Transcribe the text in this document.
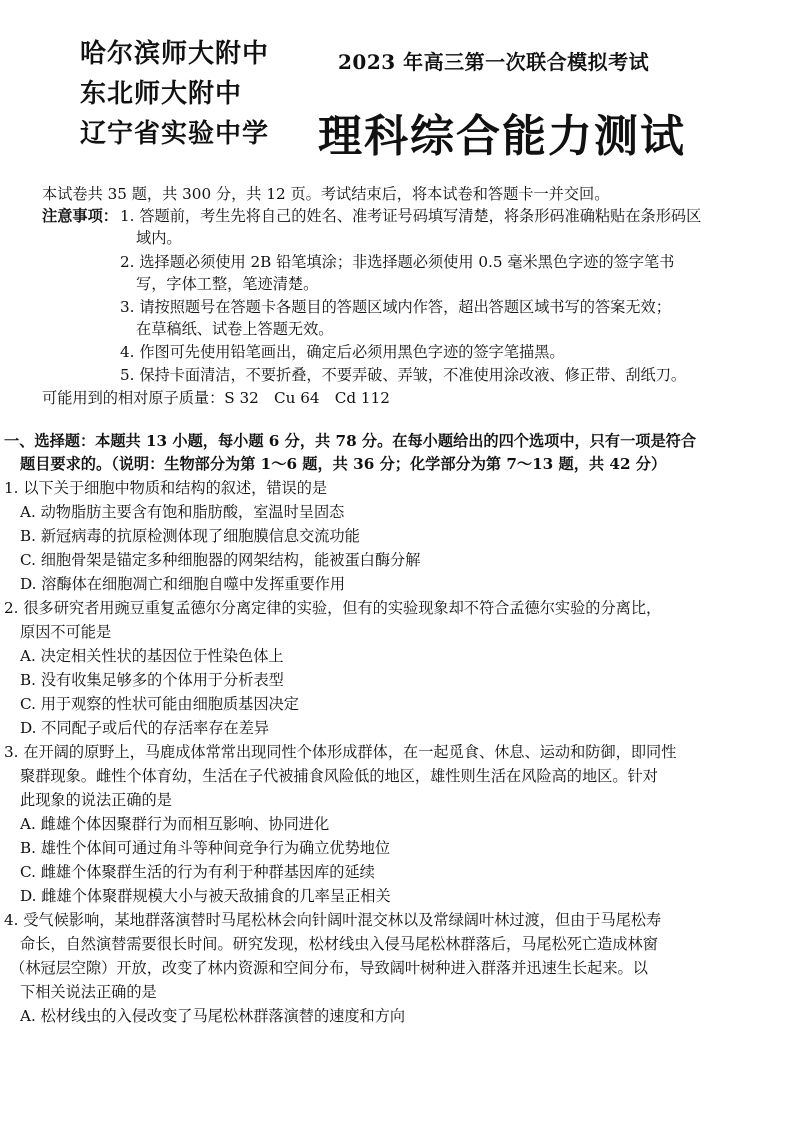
哈尔滨师大附中
东北师大附中
辽宁省实验中学
2023 年高三第一次联合模拟考试
理科综合能力测试
本试卷共 35 题，共 300 分，共 12 页。考试结束后，将本试卷和答题卡一并交回。
注意事项： 1. 答题前，考生先将自己的姓名、准考证号码填写清楚，将条形码准确粘贴在条形码区
域内。
2. 选择题必须使用 2B 铅笔填涂；非选择题必须使用 0.5 毫米黑色字迹的签字笔书
写，字体工整，笔迹清楚。
3. 请按照题号在答题卡各题目的答题区域内作答，超出答题区域书写的答案无效；
在草稿纸、试卷上答题无效。
4. 作图可先使用铅笔画出，确定后必须用黑色字迹的签字笔描黑。
5. 保持卡面清洁，不要折叠，不要弄破、弄皱，不准使用涂改液、修正带、刮纸刀。
可能用到的相对原子质量：S 32　Cu 64　Cd 112
一、选择题：本题共 13 小题，每小题 6 分，共 78 分。在每小题给出的四个选项中，只有一项是符合
题目要求的。（说明：生物部分为第 1～6 题，共 36 分；化学部分为第 7～13 题，共 42 分）
1. 以下关于细胞中物质和结构的叙述，错误的是
A. 动物脂肪主要含有饱和脂肪酸，室温时呈固态
B. 新冠病毒的抗原检测体现了细胞膜信息交流功能
C. 细胞骨架是锚定多种细胞器的网架结构，能被蛋白酶分解
D. 溶酶体在细胞凋亡和细胞自噬中发挥重要作用
2. 很多研究者用豌豆重复孟德尔分离定律的实验，但有的实验现象却不符合孟德尔实验的分离比，
原因不可能是
A. 决定相关性状的基因位于性染色体上
B. 没有收集足够多的个体用于分析表型
C. 用于观察的性状可能由细胞质基因决定
D. 不同配子或后代的存活率存在差异
3. 在开阔的原野上，马鹿成体常常出现同性个体形成群体，在一起觅食、休息、运动和防御，即同性
聚群现象。雌性个体育幼，生活在子代被捕食风险低的地区，雄性则生活在风险高的地区。针对
此现象的说法正确的是
A. 雌雄个体因聚群行为而相互影响、协同进化
B. 雄性个体间可通过角斗等种间竞争行为确立优势地位
C. 雌雄个体聚群生活的行为有利于种群基因库的延续
D. 雌雄个体聚群规模大小与被天敌捕食的几率呈正相关
4. 受气候影响，某地群落演替时马尾松林会向针阔叶混交林以及常绿阔叶林过渡，但由于马尾松寿
命长，自然演替需要很长时间。研究发现，松材线虫入侵马尾松林群落后，马尾松死亡造成林窗
（林冠层空隙）开放，改变了林内资源和空间分布，导致阔叶树种进入群落并迅速生长起来。以
下相关说法正确的是
A. 松材线虫的入侵改变了马尾松林群落演替的速度和方向
